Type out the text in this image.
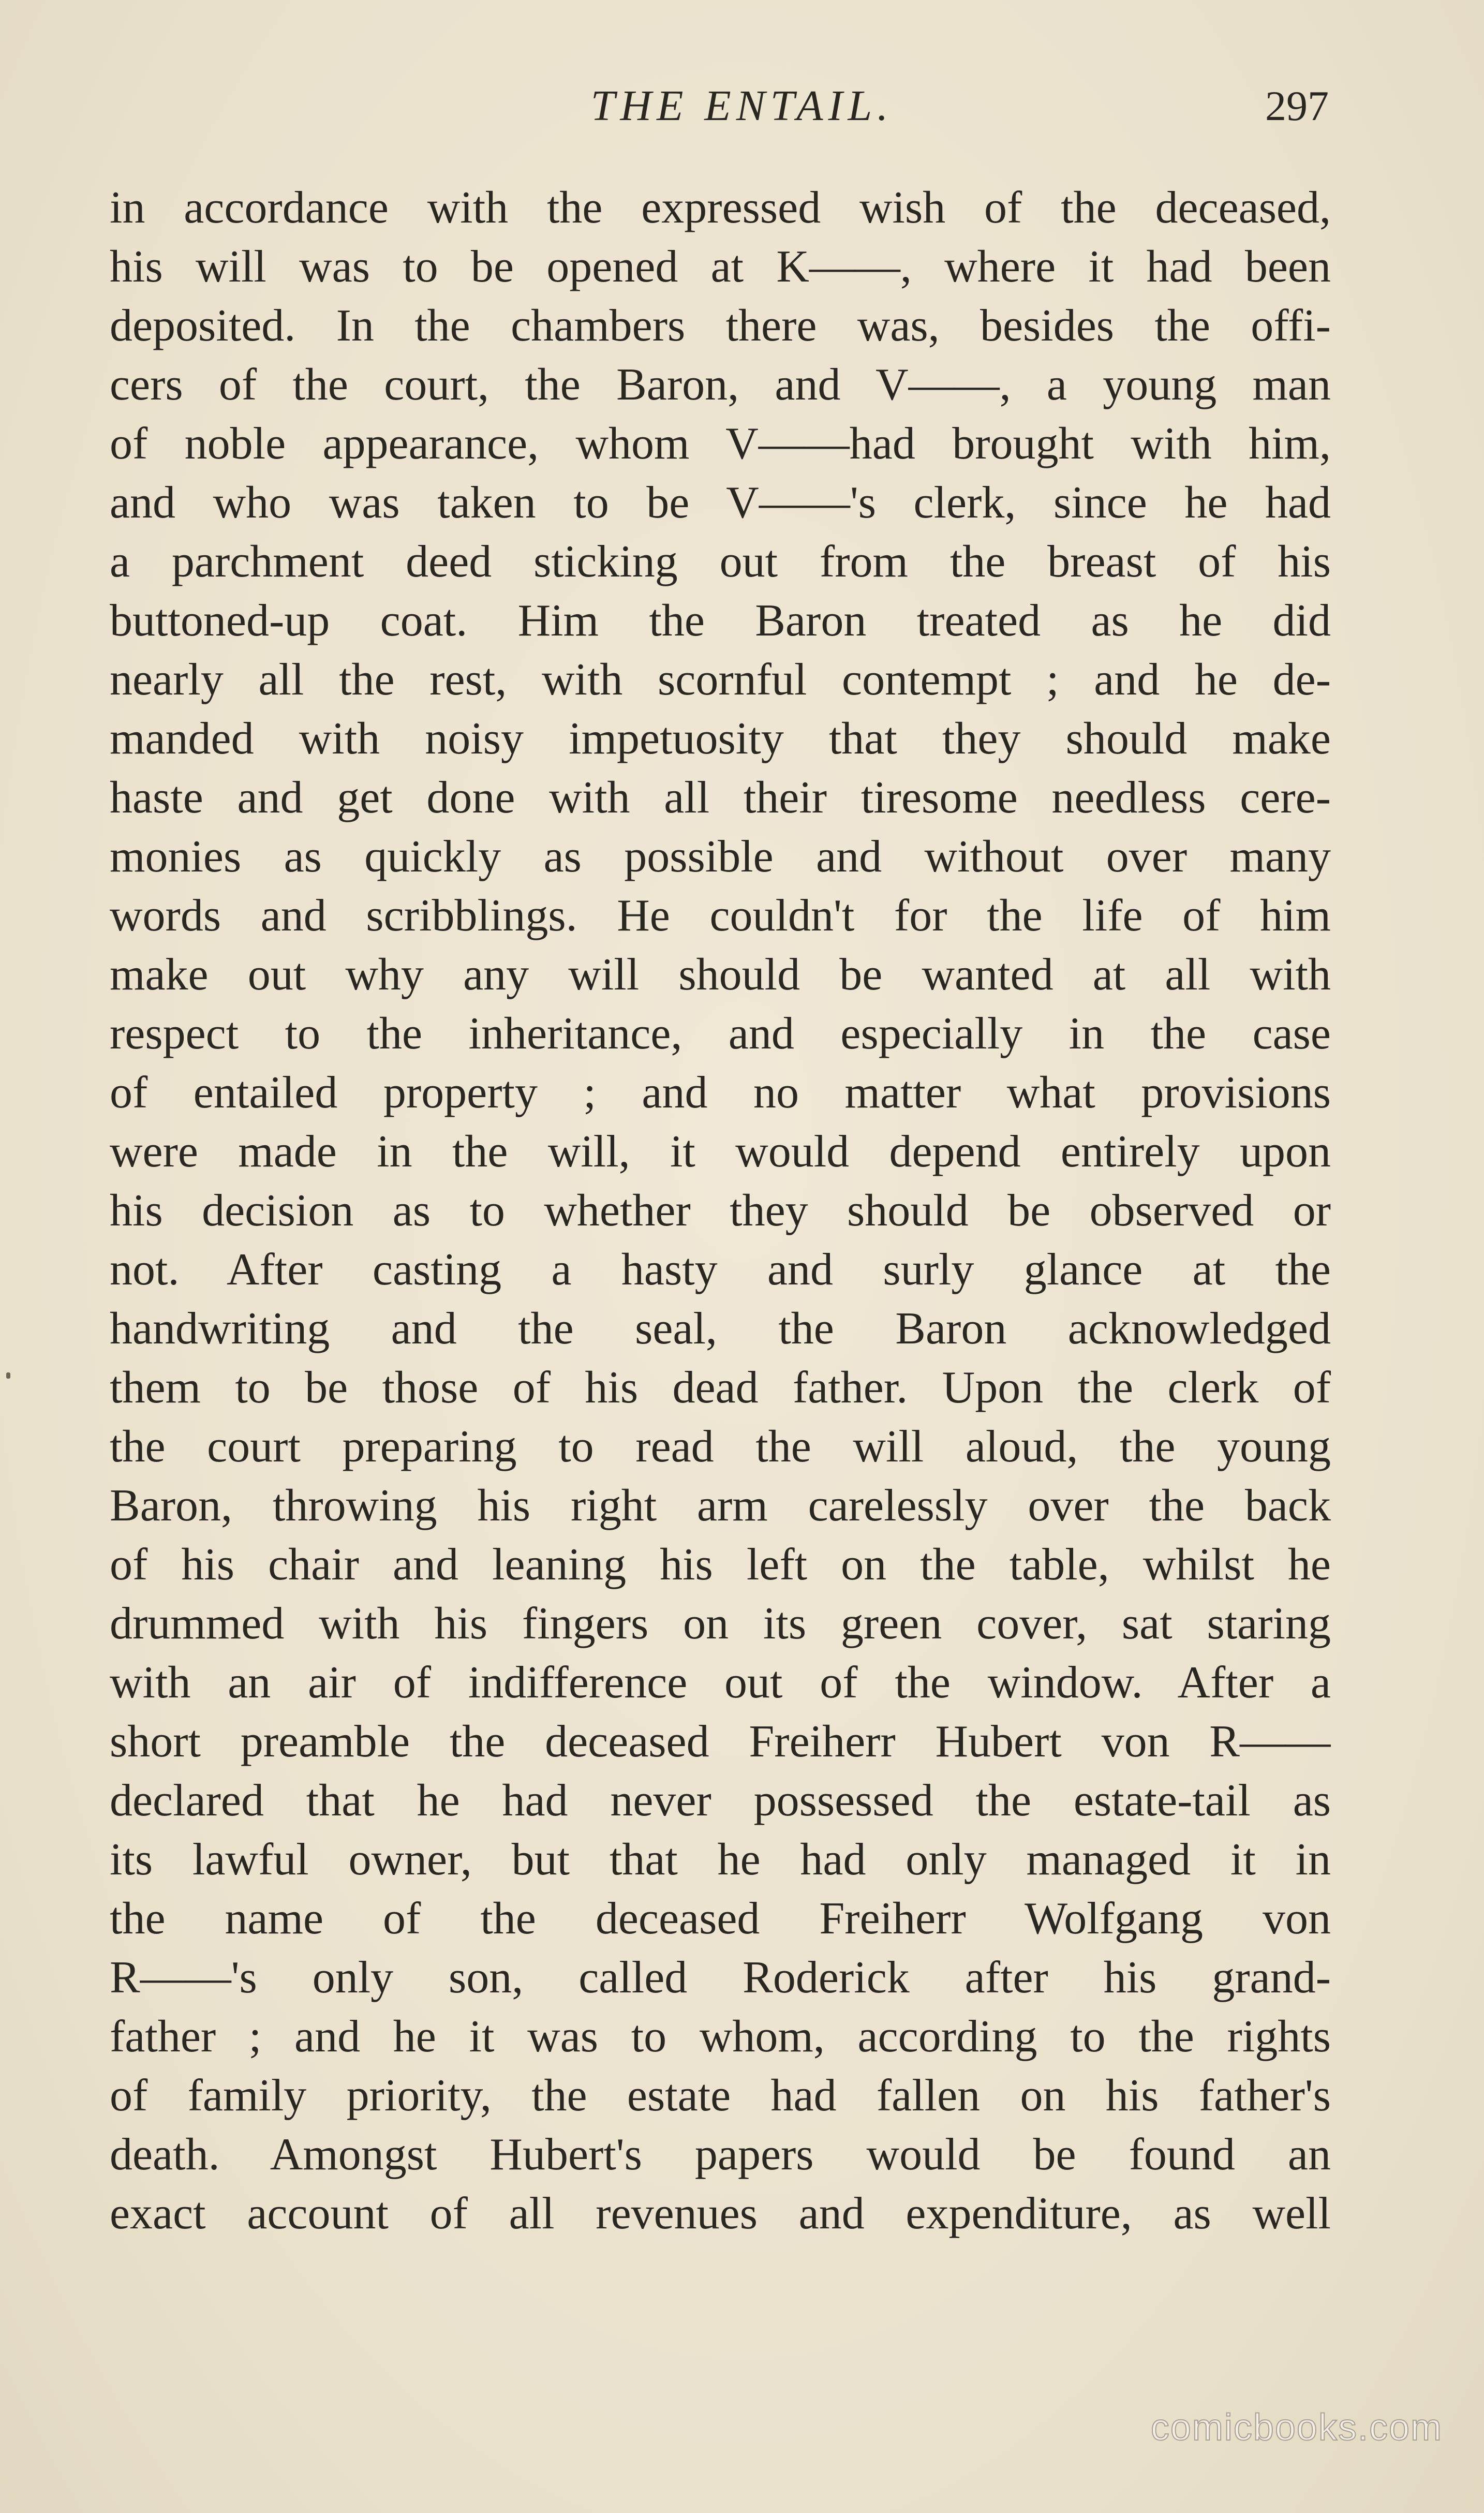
THE ENTAIL.	297
in accordance with the expressed wish of the deceased,
his will was to be opened at K——, where it had been
deposited. In the chambers there was, besides the offi-
cers of the court, the Baron, and V——, a young man
of noble appearance, whom V——had brought with him,
and who was taken to be V——'s clerk, since he had
a parchment deed sticking out from the breast of his
buttoned-up coat. Him the Baron treated as he did
nearly all the rest, with scornful contempt ; and he de-
manded with noisy impetuosity that they should make
haste and get done with all their tiresome needless cere-
monies as quickly as possible and without over many
words and scribblings. He couldn't for the life of him
make out why any will should be wanted at all with
respect to the inheritance, and especially in the case
of entailed property ; and no matter what provisions
were made in the will, it would depend entirely upon
his decision as to whether they should be observed or
not. After casting a hasty and surly glance at the
handwriting and the seal, the Baron acknowledged
them to be those of his dead father. Upon the clerk of
the court preparing to read the will aloud, the young
Baron, throwing his right arm carelessly over the back
of his chair and leaning his left on the table, whilst he
drummed with his fingers on its green cover, sat staring
with an air of indifference out of the window. After a
short preamble the deceased Freiherr Hubert von R——
declared that he had never possessed the estate-tail as
its lawful owner, but that he had only managed it in
the name of the deceased Freiherr Wolfgang von
R——'s only son, called Roderick after his grand-
father ; and he it was to whom, according to the rights
of family priority, the estate had fallen on his father's
death. Amongst Hubert's papers would be found an
exact account of all revenues and expenditure, as well
comicbooks.com
